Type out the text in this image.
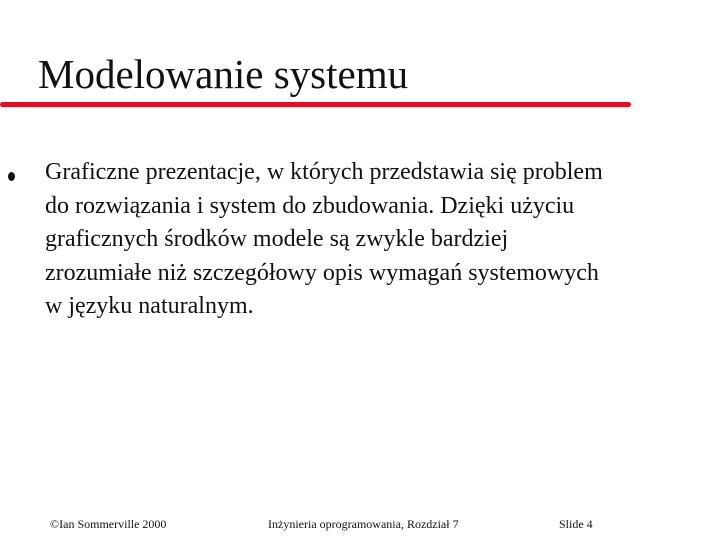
Modelowanie systemu
Graficzne prezentacje, w których przedstawia się problem
do rozwiązania i system do zbudowania. Dzięki użyciu
graficznych środków modele są zwykle bardziej
zrozumiałe niż szczegółowy opis wymagań systemowych
w języku naturalnym.
©Ian Sommerville 2000	Inżynieria oprogramowania, Rozdział 7	Slide 4
